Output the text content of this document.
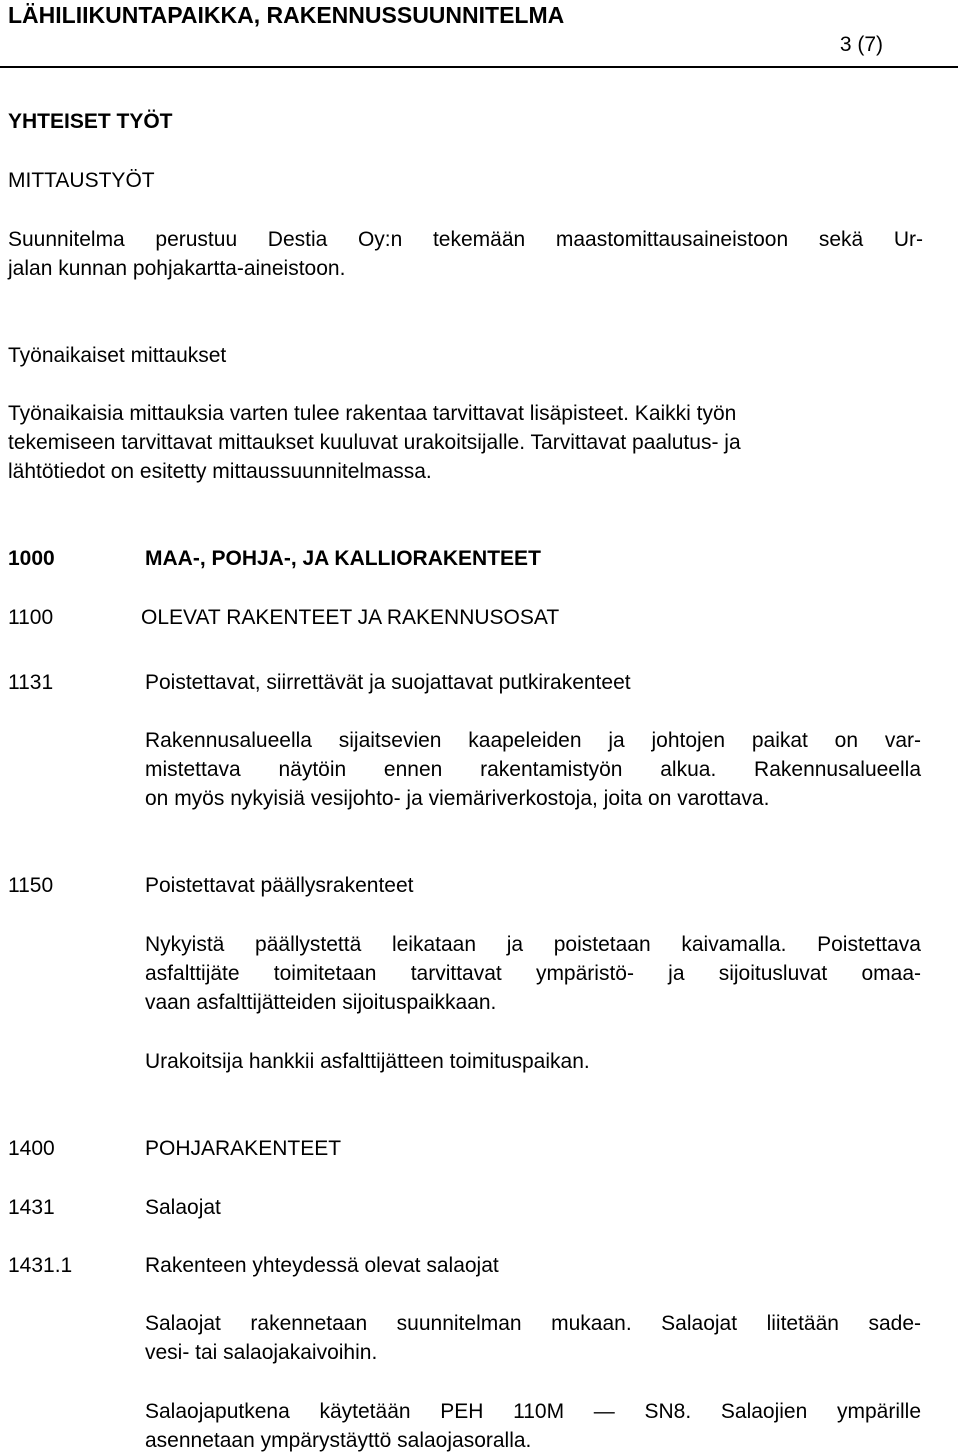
LÄHILIIKUNTAPAIKKA, RAKENNUSSUUNNITELMA
3 (7)
YHTEISET TYÖT
MITTAUSTYÖT
Suunnitelma perustuu Destia Oy:n tekemään maastomittausaineistoon sekä Ur-
jalan kunnan pohjakartta-aineistoon.
Työnaikaiset mittaukset
Työnaikaisia mittauksia varten tulee rakentaa tarvittavat lisäpisteet. Kaikki työn
tekemiseen tarvittavat mittaukset kuuluvat urakoitsijalle. Tarvittavat paalutus- ja
lähtötiedot on esitetty mittaussuunnitelmassa.
1000	MAA-, POHJA-, JA KALLIORAKENTEET
1100	OLEVAT RAKENTEET JA RAKENNUSOSAT
1131	Poistettavat, siirrettävät ja suojattavat putkirakenteet
Rakennusalueella sijaitsevien kaapeleiden ja johtojen paikat on var-
mistettava näytöin ennen rakentamistyön alkua. Rakennusalueella
on myös nykyisiä vesijohto- ja viemäriverkostoja, joita on varottava.
1150	Poistettavat päällysrakenteet
Nykyistä päällystettä leikataan ja poistetaan kaivamalla. Poistettava
asfalttijäte toimitetaan tarvittavat ympäristö- ja sijoitusluvat omaa-
vaan asfalttijätteiden sijoituspaikkaan.
Urakoitsija hankkii asfalttijätteen toimituspaikan.
1400	POHJARAKENTEET
1431	Salaojat
1431.1	Rakenteen yhteydessä olevat salaojat
Salaojat rakennetaan suunnitelman mukaan. Salaojat liitetään sade-
vesi- tai salaojakaivoihin.
Salaojaputkena käytetään PEH 110M — SN8. Salaojien ympärille
asennetaan ympärystäyttö salaojasoralla.
